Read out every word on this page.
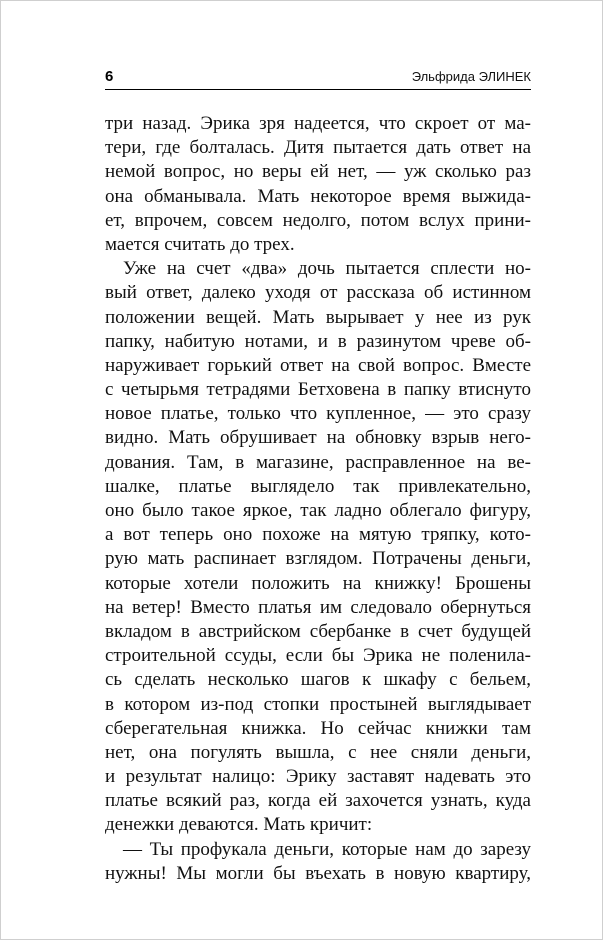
6	Эльфрида ЭЛИНЕК
три назад. Эрика зря надеется, что скроет от ма-
тери, где болталась. Дитя пытается дать ответ на
немой вопрос, но веры ей нет, — уж сколько раз
она обманывала. Мать некоторое время выжида-
ет, впрочем, совсем недолго, потом вслух прини-
мается считать до трех.
Уже на счет «два» дочь пытается сплести но-
вый ответ, далеко уходя от рассказа об истинном
положении вещей. Мать вырывает у нее из рук
папку, набитую нотами, и в разинутом чреве об-
наруживает горький ответ на свой вопрос. Вместе
с четырьмя тетрадями Бетховена в папку втиснуто
новое платье, только что купленное, — это сразу
видно. Мать обрушивает на обновку взрыв него-
дования. Там, в магазине, расправленное на ве-
шалке, платье выглядело так привлекательно,
оно было такое яркое, так ладно облегало фигуру,
а вот теперь оно похоже на мятую тряпку, кото-
рую мать распинает взглядом. Потрачены деньги,
которые хотели положить на книжку! Брошены
на ветер! Вместо платья им следовало обернуться
вкладом в австрийском сбербанке в счет будущей
строительной ссуды, если бы Эрика не поленила-
сь сделать несколько шагов к шкафу с бельем,
в котором из-под стопки простыней выглядывает
сберегательная книжка. Но сейчас книжки там
нет, она погулять вышла, с нее сняли деньги,
и результат налицо: Эрику заставят надевать это
платье всякий раз, когда ей захочется узнать, куда
денежки деваются. Мать кричит:
— Ты профукала деньги, которые нам до зарезу
нужны! Мы могли бы въехать в новую квартиру,
